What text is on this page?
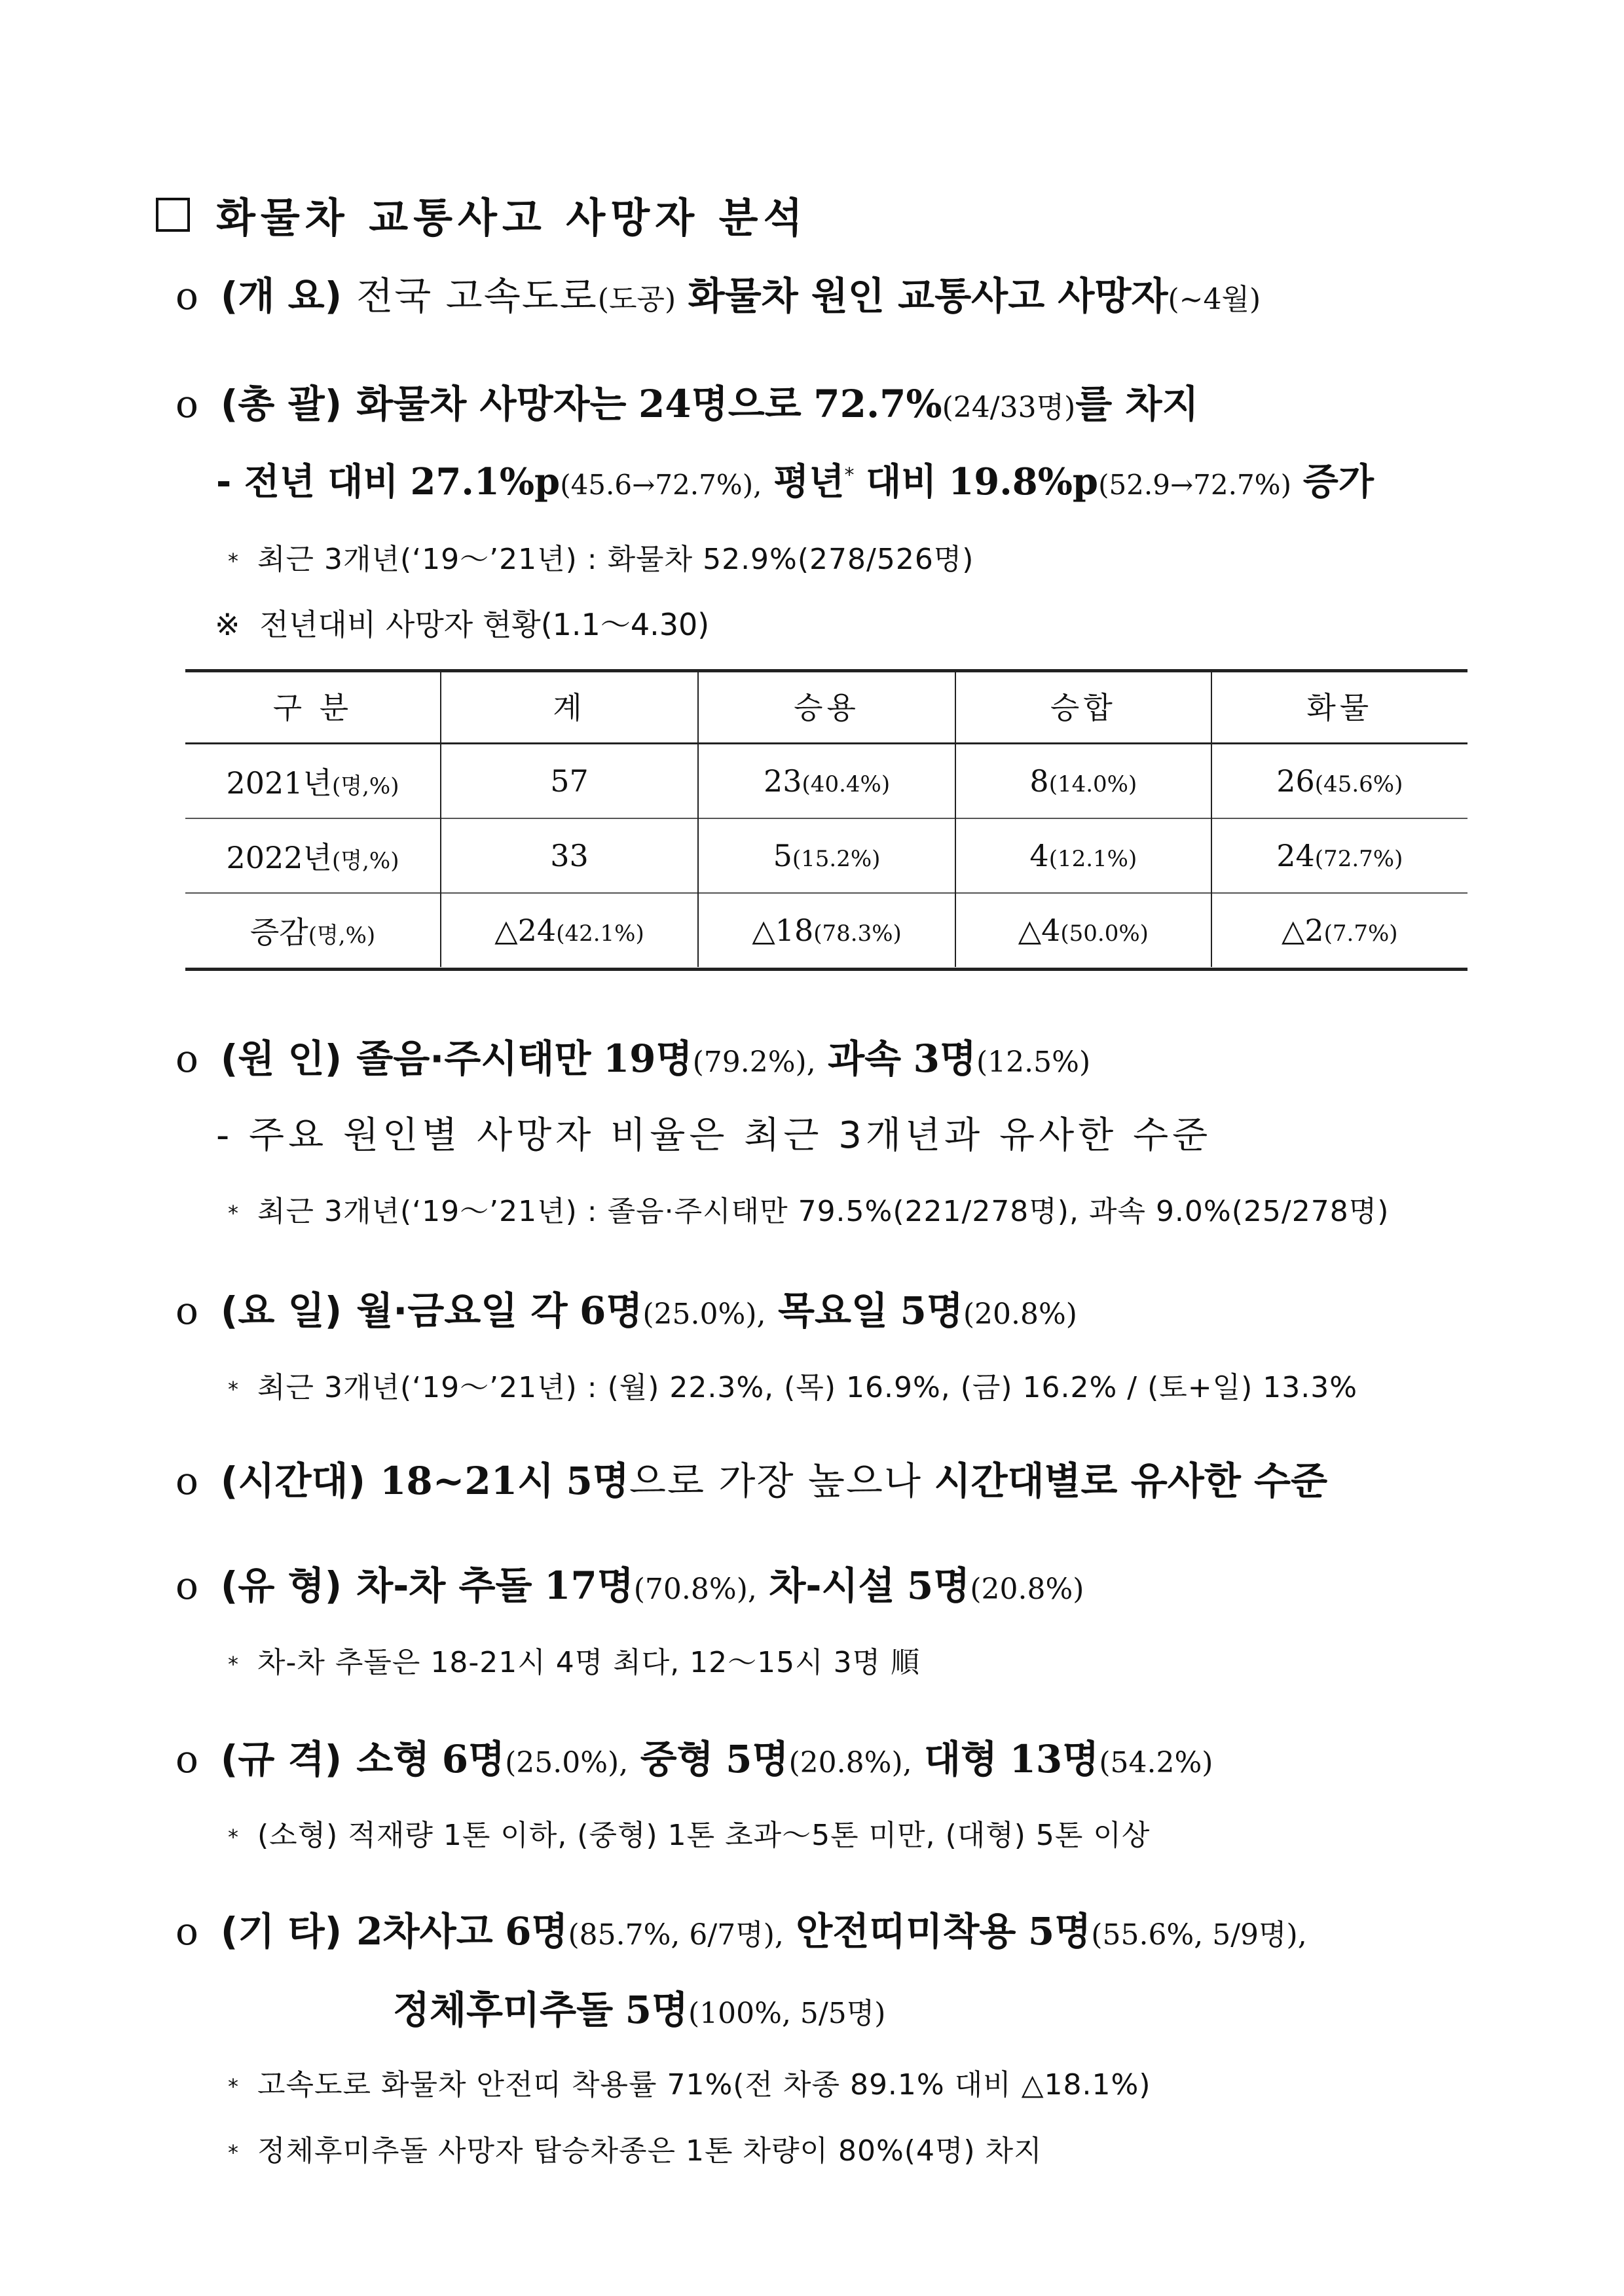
화물차 교통사고 사망자 분석
o (개 요) 전국 고속도로(도공) 화물차 원인 교통사고 사망자(~4월)
o (총 괄) 화물차 사망자는 24명으로 72.7%(24/33명)를 차지
- 전년 대비 27.1%p(45.6→72.7%), 평년* 대비 19.8%p(52.9→72.7%) 증가
* 최근 3개년(‘19～’21년) : 화물차 52.9%(278/526명)
※ 전년대비 사망자 현황(1.1～4.30)
구 분	계	승용	승합	화물
2021년(명,%)	57	23(40.4%)	8(14.0%)	26(45.6%)
2022년(명,%)	33	5(15.2%)	4(12.1%)	24(72.7%)
증감(명,%)	△24(42.1%)	△18(78.3%)	△4(50.0%)	△2(7.7%)
o (원 인) 졸음·주시태만 19명(79.2%), 과속 3명(12.5%)
- 주요 원인별 사망자 비율은 최근 3개년과 유사한 수준
* 최근 3개년(‘19～’21년) : 졸음·주시태만 79.5%(221/278명), 과속 9.0%(25/278명)
o (요 일) 월·금요일 각 6명(25.0%), 목요일 5명(20.8%)
* 최근 3개년(‘19～’21년) : (월) 22.3%, (목) 16.9%, (금) 16.2% / (토+일) 13.3%
o (시간대) 18~21시 5명으로 가장 높으나 시간대별로 유사한 수준
o (유 형) 차-차 추돌 17명(70.8%), 차-시설 5명(20.8%)
* 차-차 추돌은 18-21시 4명 최다, 12～15시 3명 順
o (규 격) 소형 6명(25.0%), 중형 5명(20.8%), 대형 13명(54.2%)
* (소형) 적재량 1톤 이하, (중형) 1톤 초과～5톤 미만, (대형) 5톤 이상
o (기 타) 2차사고 6명(85.7%, 6/7명), 안전띠미착용 5명(55.6%, 5/9명),
정체후미추돌 5명(100%, 5/5명)
* 고속도로 화물차 안전띠 착용률 71%(전 차종 89.1% 대비 △18.1%)
* 정체후미추돌 사망자 탑승차종은 1톤 차량이 80%(4명) 차지
